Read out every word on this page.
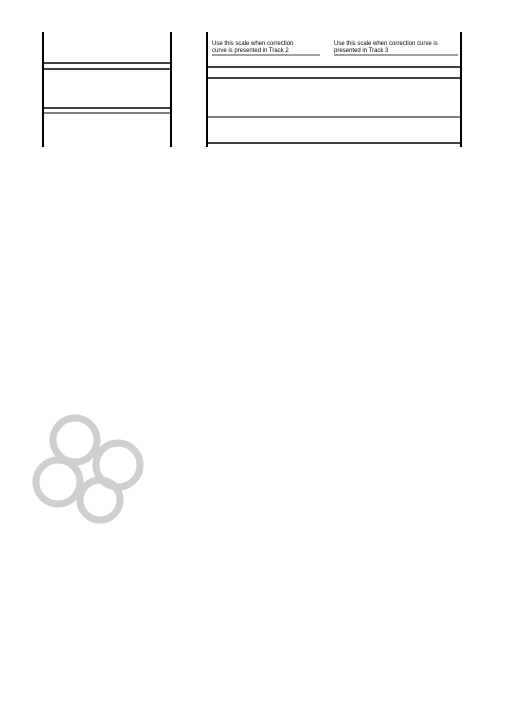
Use this scale when correction curve is presented in Track 2
Use this scale when correction curve is presented in Track 3
